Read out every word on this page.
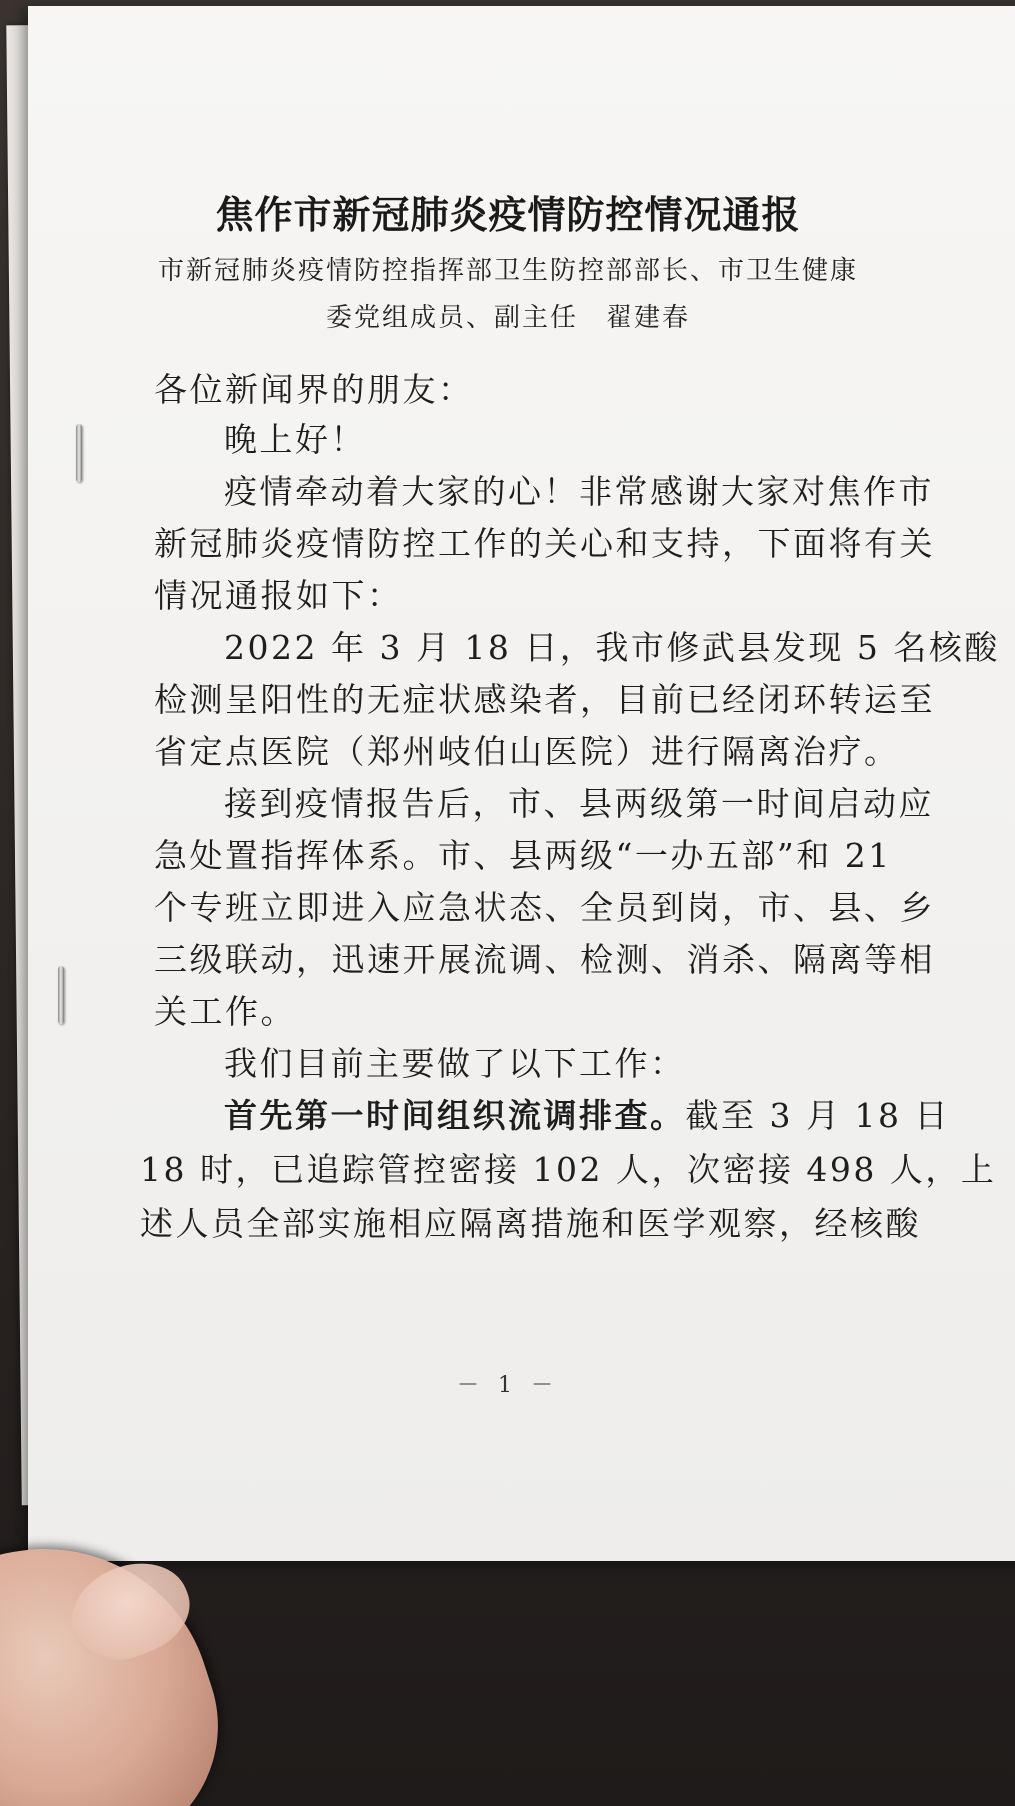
焦作市新冠肺炎疫情防控情况通报
市新冠肺炎疫情防控指挥部卫生防控部部长、市卫生健康
委党组成员、副主任　翟建春
各位新闻界的朋友：
晚上好！
疫情牵动着大家的心！非常感谢大家对焦作市
新冠肺炎疫情防控工作的关心和支持，下面将有关
情况通报如下：
2022 年 3 月 18 日，我市修武县发现 5 名核酸
检测呈阳性的无症状感染者，目前已经闭环转运至
省定点医院（郑州岐伯山医院）进行隔离治疗。
接到疫情报告后，市、县两级第一时间启动应
急处置指挥体系。市、县两级“一办五部”和 21
个专班立即进入应急状态、全员到岗，市、县、乡
三级联动，迅速开展流调、检测、消杀、隔离等相
关工作。
我们目前主要做了以下工作：
首先第一时间组织流调排查。截至 3 月 18 日
18 时，已追踪管控密接 102 人，次密接 498 人，上
述人员全部实施相应隔离措施和医学观察，经核酸
－ 1 －
